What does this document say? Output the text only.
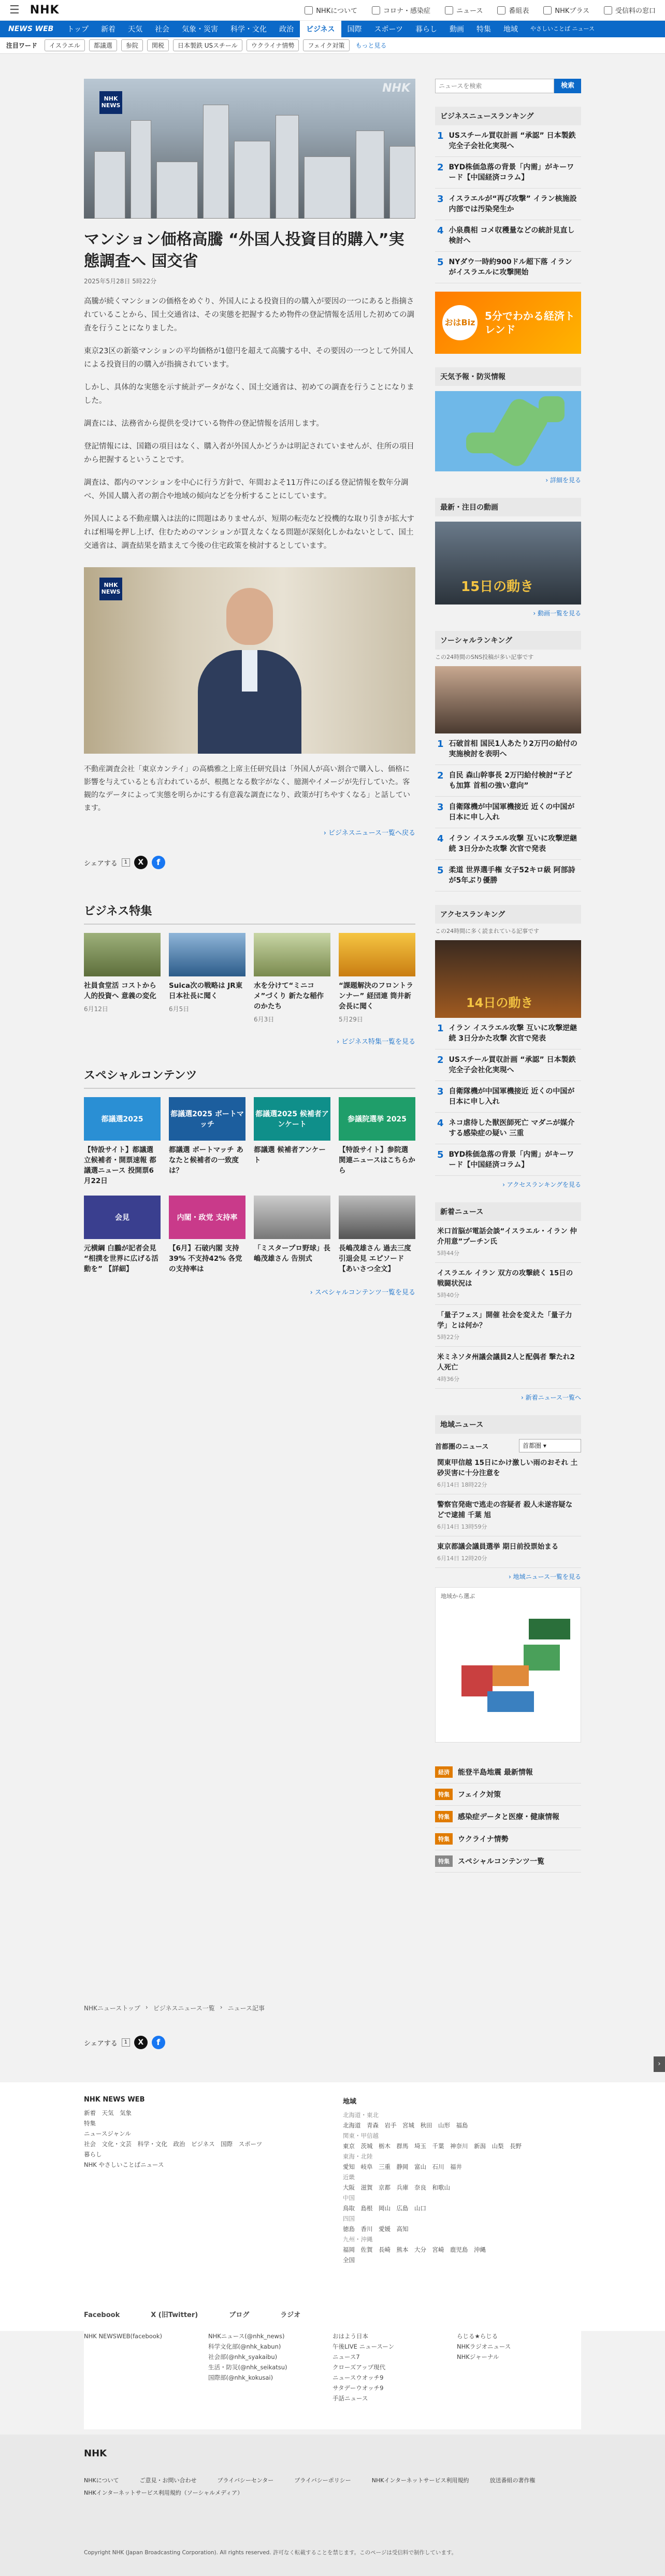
☰ NHK	NHKについて	コロナ・感染症	ニュース	番組表	NHKプラス	受信料の窓口
NEWS WEB	トップ	新着	天気	社会	気象・災害	科学・文化	政治	ビジネス	国際	スポーツ	暮らし	動画	特集	地域	やさしいことば ニュース
注目ワード	イスラエル	都議選	参院	関税	日本製鉄 USスチール	ウクライナ情勢	フェイク対策	もっと見る
NHK
NEWS
NHK
マンション価格高騰 “外国人投資目的購入”実態調査へ 国交省
2025年5月28日 5時22分

高騰が続くマンションの価格をめぐり、外国人による投資目的の購入が要因の一つにあると指摘されていることから、国土交通省は、その実態を把握するため物件の登記情報を活用した初めての調査を行うことになりました。

東京23区の新築マンションの平均価格が1億円を超えて高騰する中、その要因の一つとして外国人による投資目的の購入が指摘されています。

しかし、具体的な実態を示す統計データがなく、国土交通省は、初めての調査を行うことになりました。

調査には、法務省から提供を受けている物件の登記情報を活用します。

登記情報には、国籍の項目はなく、購入者が外国人かどうかは明記されていませんが、住所の項目から把握するということです。

調査は、都内のマンションを中心に行う方針で、年間およそ11万件にのぼる登記情報を数年分調べ、外国人購入者の割合や地域の傾向などを分析することにしています。

外国人による不動産購入は法的に問題はありませんが、短期の転売など投機的な取り引きが拡大すれば相場を押し上げ、住むためのマンションが買えなくなる問題が深刻化しかねないとして、国土交通省は、調査結果を踏まえて今後の住宅政策を検討するとしています。

NHK
NEWS
不動産調査会社「東京カンテイ」の高橋雅之上席主任研究員は「外国人が高い割合で購入し、価格に影響を与えているとも言われているが、根拠となる数字がなく、臆測やイメージが先行していた。客観的なデータによって実態を明らかにする有意義な調査になり、政策が打ちやすくなる」と話しています。
› ビジネスニュース一覧へ戻る
シェアする	1	X	f
ビジネス特集
社員食堂活 コストから人的投資へ 意義の変化
6月12日
Suica次の戦略は JR東日本社長に聞く
6月5日
水を分けて“ミニコメ”づくり 新たな稲作のかたち
6月3日
“課題解決のフロントランナー” 経団連 筒井新会長に聞く
5月29日
› ビジネス特集一覧を見る
スペシャルコンテンツ
都議選2025
【特設サイト】都議選 立候補者・開票速報 都議選ニュース 投開票6月22日
都議選2025 ボートマッチ
都議選 ボートマッチ あなたと候補者の一致度は？
都議選2025 候補者アンケート
都議選 候補者アンケート
参議院選挙 2025
【特設サイト】参院選 関連ニュースはこちらから
会見
元横綱 白鵬が記者会見 “相撲を世界に広げる活動を” 【詳細】
内閣・政党 支持率
【6月】石破内閣 支持39% 不支持42% 各党の支持率は
「ミスタープロ野球」長嶋茂雄さん 告別式
長嶋茂雄さん 過去三度引退会見 エピソード 【あいさつ全文】
› スペシャルコンテンツ一覧を見る
ニュースを検索
検索
ビジネスニュースランキング
1 USスチール買収計画 “承認” 日本製鉄 完全子会社化実現へ
2 BYD株価急落の背景「内需」がキーワード【中国経済コラム】
3 イスラエルが“再び攻撃” イラン核施設内部では汚染発生か
4 小泉農相 コメ収穫量などの統計見直し検討へ
5 NYダウ一時約900ドル超下落 イランがイスラエルに攻撃開始
おはBiz
5分でわかる経済トレンド
天気予報・防災情報
› 詳細を見る
最新・注目の動画
15日の動き
› 動画一覧を見る
ソーシャルランキング
この24時間のSNS投稿が多い記事です
1 石破首相 国民1人あたり2万円の給付の実施検討を表明へ
2 自民 森山幹事長 2万円給付検討“子ども加算 首相の強い意向”
3 自衛隊機が中国軍機接近 近くの中国が日本に申し入れ
4 イラン イスラエル攻撃 互いに攻撃逆継続 3日分かた攻撃 次官で発表
5 柔道 世界選手権 女子52キロ級 阿部詩が5年ぶり優勝
アクセスランキング
この24時間に多く読まれている記事です
14日の動き
1 イラン イスラエル攻撃 互いに攻撃逆継続 3日分かた攻撃 次官で発表
2 USスチール買収計画 “承認” 日本製鉄 完全子会社化実現へ
3 自衛隊機が中国軍機接近 近くの中国が日本に申し入れ
4 ネコ虐待した獣医師死亡 マダニが媒介する感染症の疑い 三重
5 BYD株価急落の背景「内需」がキーワード【中国経済コラム】
› アクセスランキングを見る
新着ニュース
米口首脳が電話会談“イスラエル・イラン 仲介用意”プーチン氏
5時44分
イスラエル イラン 双方の攻撃続く 15日の戦闘状況は
5時40分
「量子フェス」開催 社会を変えた「量子力学」とは何か？
5時22分
米ミネソタ州議会議員2人と配偶者 撃たれ2人死亡
4時36分
› 新着ニュース一覧へ
地域ニュース
首都圏のニュース	首都圏 ▾
関東甲信越 15日にかけ激しい雨のおそれ 土砂災害に十分注意を
6月14日 18時22分
警察官発砲で逃走の容疑者 殺人未遂容疑などで逮捕 千葉 旭
6月14日 13時59分
東京都議会議員選挙 期日前投票始まる
6月14日 12時20分
› 地域ニュース一覧を見る
地域から選ぶ
経済	能登半島地震 最新情報
特集	フェイク対策
特集	感染症データと医療・健康情報
特集	ウクライナ情勢
特集	スペシャルコンテンツ一覧
›
NHKニューストップ › ビジネスニュース一覧 › ニュース記事
シェアする	1	X	f
NHK NEWS WEB
新着　天気　気象
特集
ニュースジャンル
社会　文化・文芸　科学・文化　政治　ビジネス　国際　スポーツ
暮らし
NHK やさしいことばニュース
地域
北海道・東北
北海道　青森　岩手　宮城　秋田　山形　福島
関東・甲信越
東京　茨城　栃木　群馬　埼玉　千葉　神奈川　新潟　山梨　長野
東海・北陸
愛知　岐阜　三重　静岡　富山　石川　福井
近畿
大阪　滋賀　京都　兵庫　奈良　和歌山
中国
鳥取　島根　岡山　広島　山口
四国
徳島　香川　愛媛　高知
九州・沖縄
福岡　佐賀　長崎　熊本　大分　宮崎　鹿児島　沖縄
全国
Facebook	X (旧Twitter)	ブログ	ラジオ
NHK NEWSWEB(facebook)	NHKニュース(@nhk_news)
科学文化部(@nhk_kabun)
社会部(@nhk_syakaibu)
生活・防災(@nhk_seikatsu)
国際部(@nhk_kokusai)
おはよう日本
午後LIVE ニュースーン
ニュース7
クローズアップ現代
ニュースウオッチ9
サタデーウオッチ9
手話ニュース
らじる★らじる
NHKラジオニュース
NHKジャーナル
NHK
NHKについて	ご意見・お問い合わせ	プライバシーセンター	プライバシーポリシー	NHKインターネットサービス利用規約	放送番組の著作権
NHKインターネットサービス利用規約（ソーシャルメディア）
Copyright NHK (Japan Broadcasting Corporation). All rights reserved. 許可なく転載することを禁じます。このページは受信料で制作しています。
